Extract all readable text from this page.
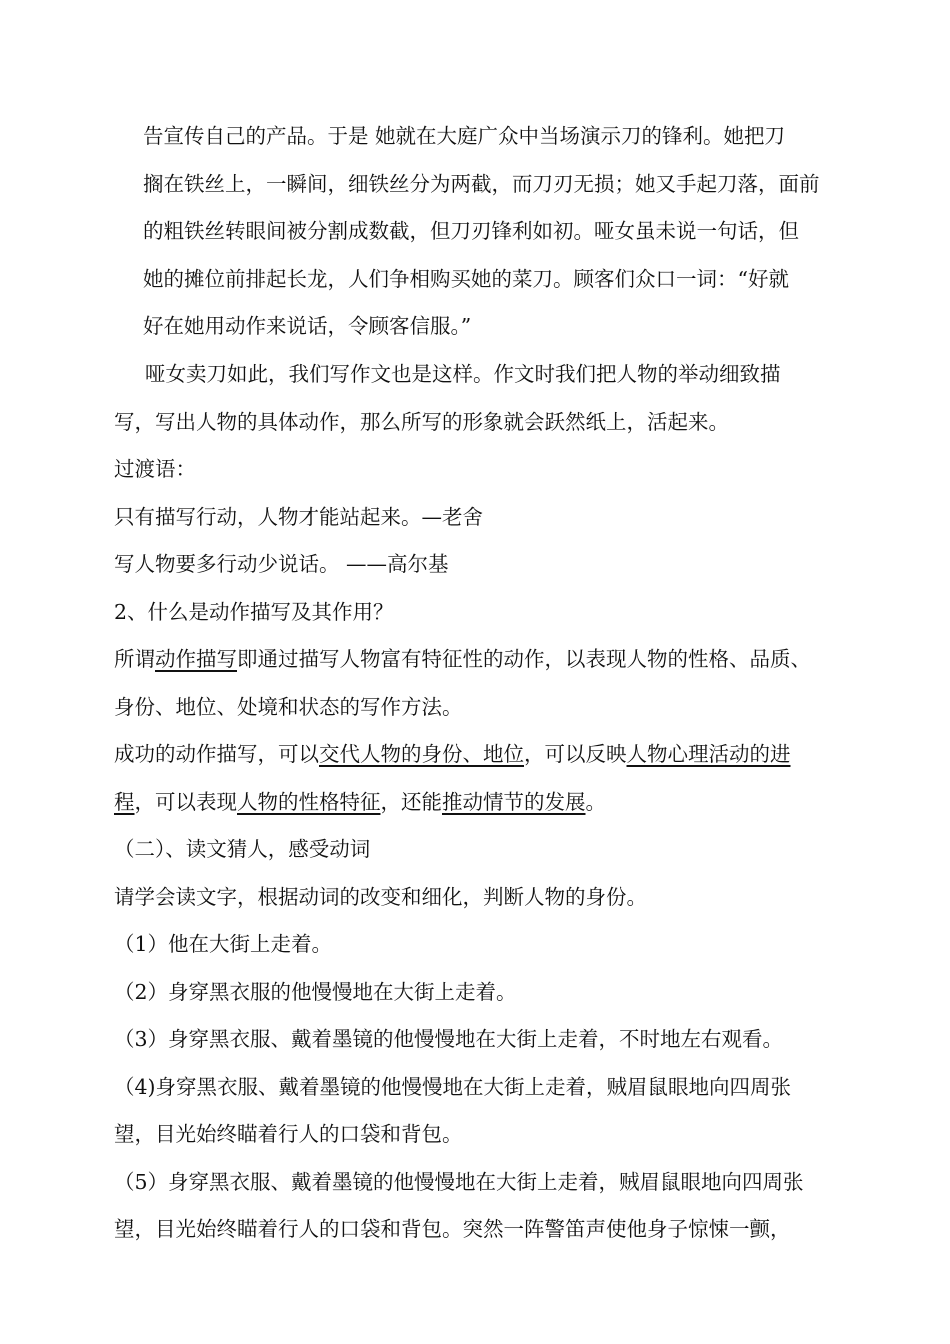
告宣传自己的产品。于是 她就在大庭广众中当场演示刀的锋利。她把刀
搁在铁丝上，一瞬间，细铁丝分为两截，而刀刃无损；她又手起刀落，面前
的粗铁丝转眼间被分割成数截，但刀刃锋利如初。哑女虽未说一句话，但
她的摊位前排起长龙，人们争相购买她的菜刀。顾客们众口一词：“好就
好在她用动作来说话，令顾客信服。”
哑女卖刀如此，我们写作文也是这样。作文时我们把人物的举动细致描
写，写出人物的具体动作，那么所写的形象就会跃然纸上，活起来。
过渡语：
只有描写行动，人物才能站起来。—老舍
写人物要多行动少说话。 ——高尔基
2、什么是动作描写及其作用？
所谓动作描写即通过描写人物富有特征性的动作，以表现人物的性格、品质、
身份、地位、处境和状态的写作方法。
成功的动作描写，可以交代人物的身份、地位，可以反映人物心理活动的进
程，可以表现人物的性格特征，还能推动情节的发展。
（二）、读文猜人，感受动词
请学会读文字，根据动词的改变和细化，判断人物的身份。
（1）他在大街上走着。
（2）身穿黑衣服的他慢慢地在大街上走着。
（3）身穿黑衣服、戴着墨镜的他慢慢地在大街上走着，不时地左右观看。
（4)身穿黑衣服、戴着墨镜的他慢慢地在大街上走着，贼眉鼠眼地向四周张
望，目光始终瞄着行人的口袋和背包。
（5）身穿黑衣服、戴着墨镜的他慢慢地在大街上走着，贼眉鼠眼地向四周张
望，目光始终瞄着行人的口袋和背包。突然一阵警笛声使他身子惊悚一颤，
